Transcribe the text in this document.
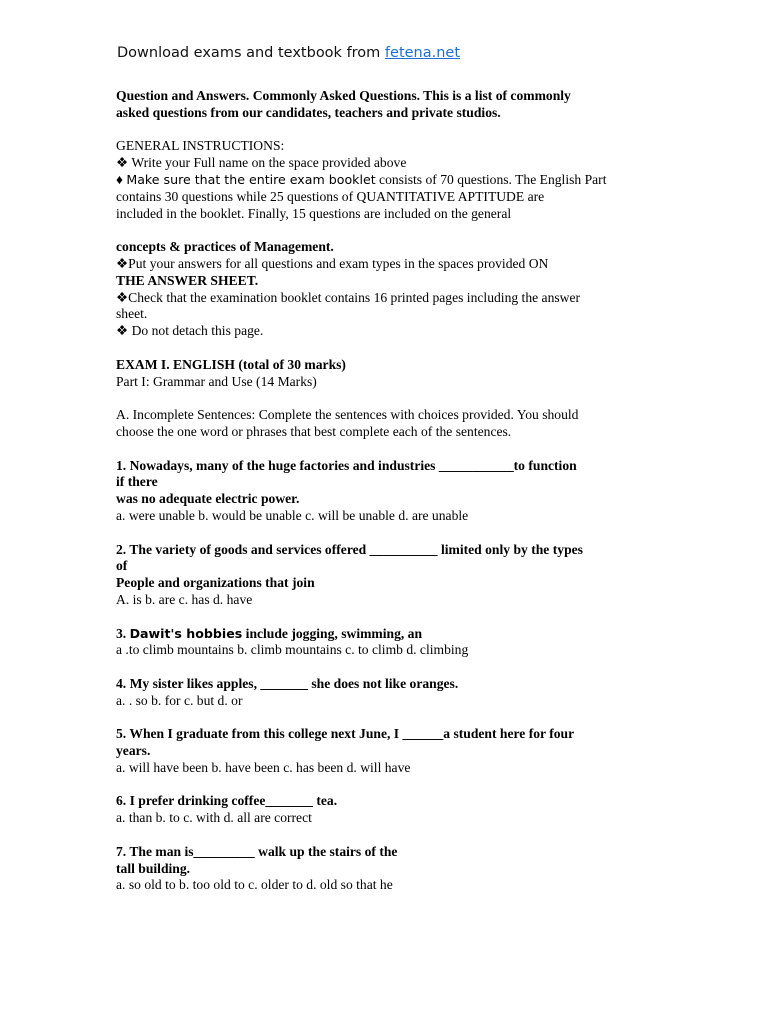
Download exams and textbook from fetena.net
Question and Answers. Commonly Asked Questions. This is a list of commonly
asked questions from our candidates, teachers and private studios.
GENERAL INSTRUCTIONS:
❖ Write your Full name on the space provided above
♦ Make sure that the entire exam booklet consists of 70 questions. The English Part
contains 30 questions while 25 questions of QUANTITATIVE APTITUDE are
included in the booklet. Finally, 15 questions are included on the general
concepts & practices of Management.
❖Put your answers for all questions and exam types in the spaces provided ON
THE ANSWER SHEET.
❖Check that the examination booklet contains 16 printed pages including the answer
sheet.
❖ Do not detach this page.
EXAM I. ENGLISH (total of 30 marks)
Part I: Grammar and Use (14 Marks)
A. Incomplete Sentences: Complete the sentences with choices provided. You should
choose the one word or phrases that best complete each of the sentences.
1. Nowadays, many of the huge factories and industries ___________to function
if there
was no adequate electric power.
a. were unable b. would be unable c. will be unable d. are unable
2. The variety of goods and services offered __________ limited only by the types
of
People and organizations that join
A. is b. are c. has d. have
3. Dawit's hobbies include jogging, swimming, an
a .to climb mountains b. climb mountains c. to climb d. climbing
4. My sister likes apples, _______ she does not like oranges.
a. . so b. for c. but d. or
5. When I graduate from this college next June, I ______a student here for four
years.
a. will have been b. have been c. has been d. will have
6. I prefer drinking coffee_______ tea.
a. than b. to c. with d. all are correct
7. The man is_________ walk up the stairs of the
tall building.
a. so old to b. too old to c. older to d. old so that he
